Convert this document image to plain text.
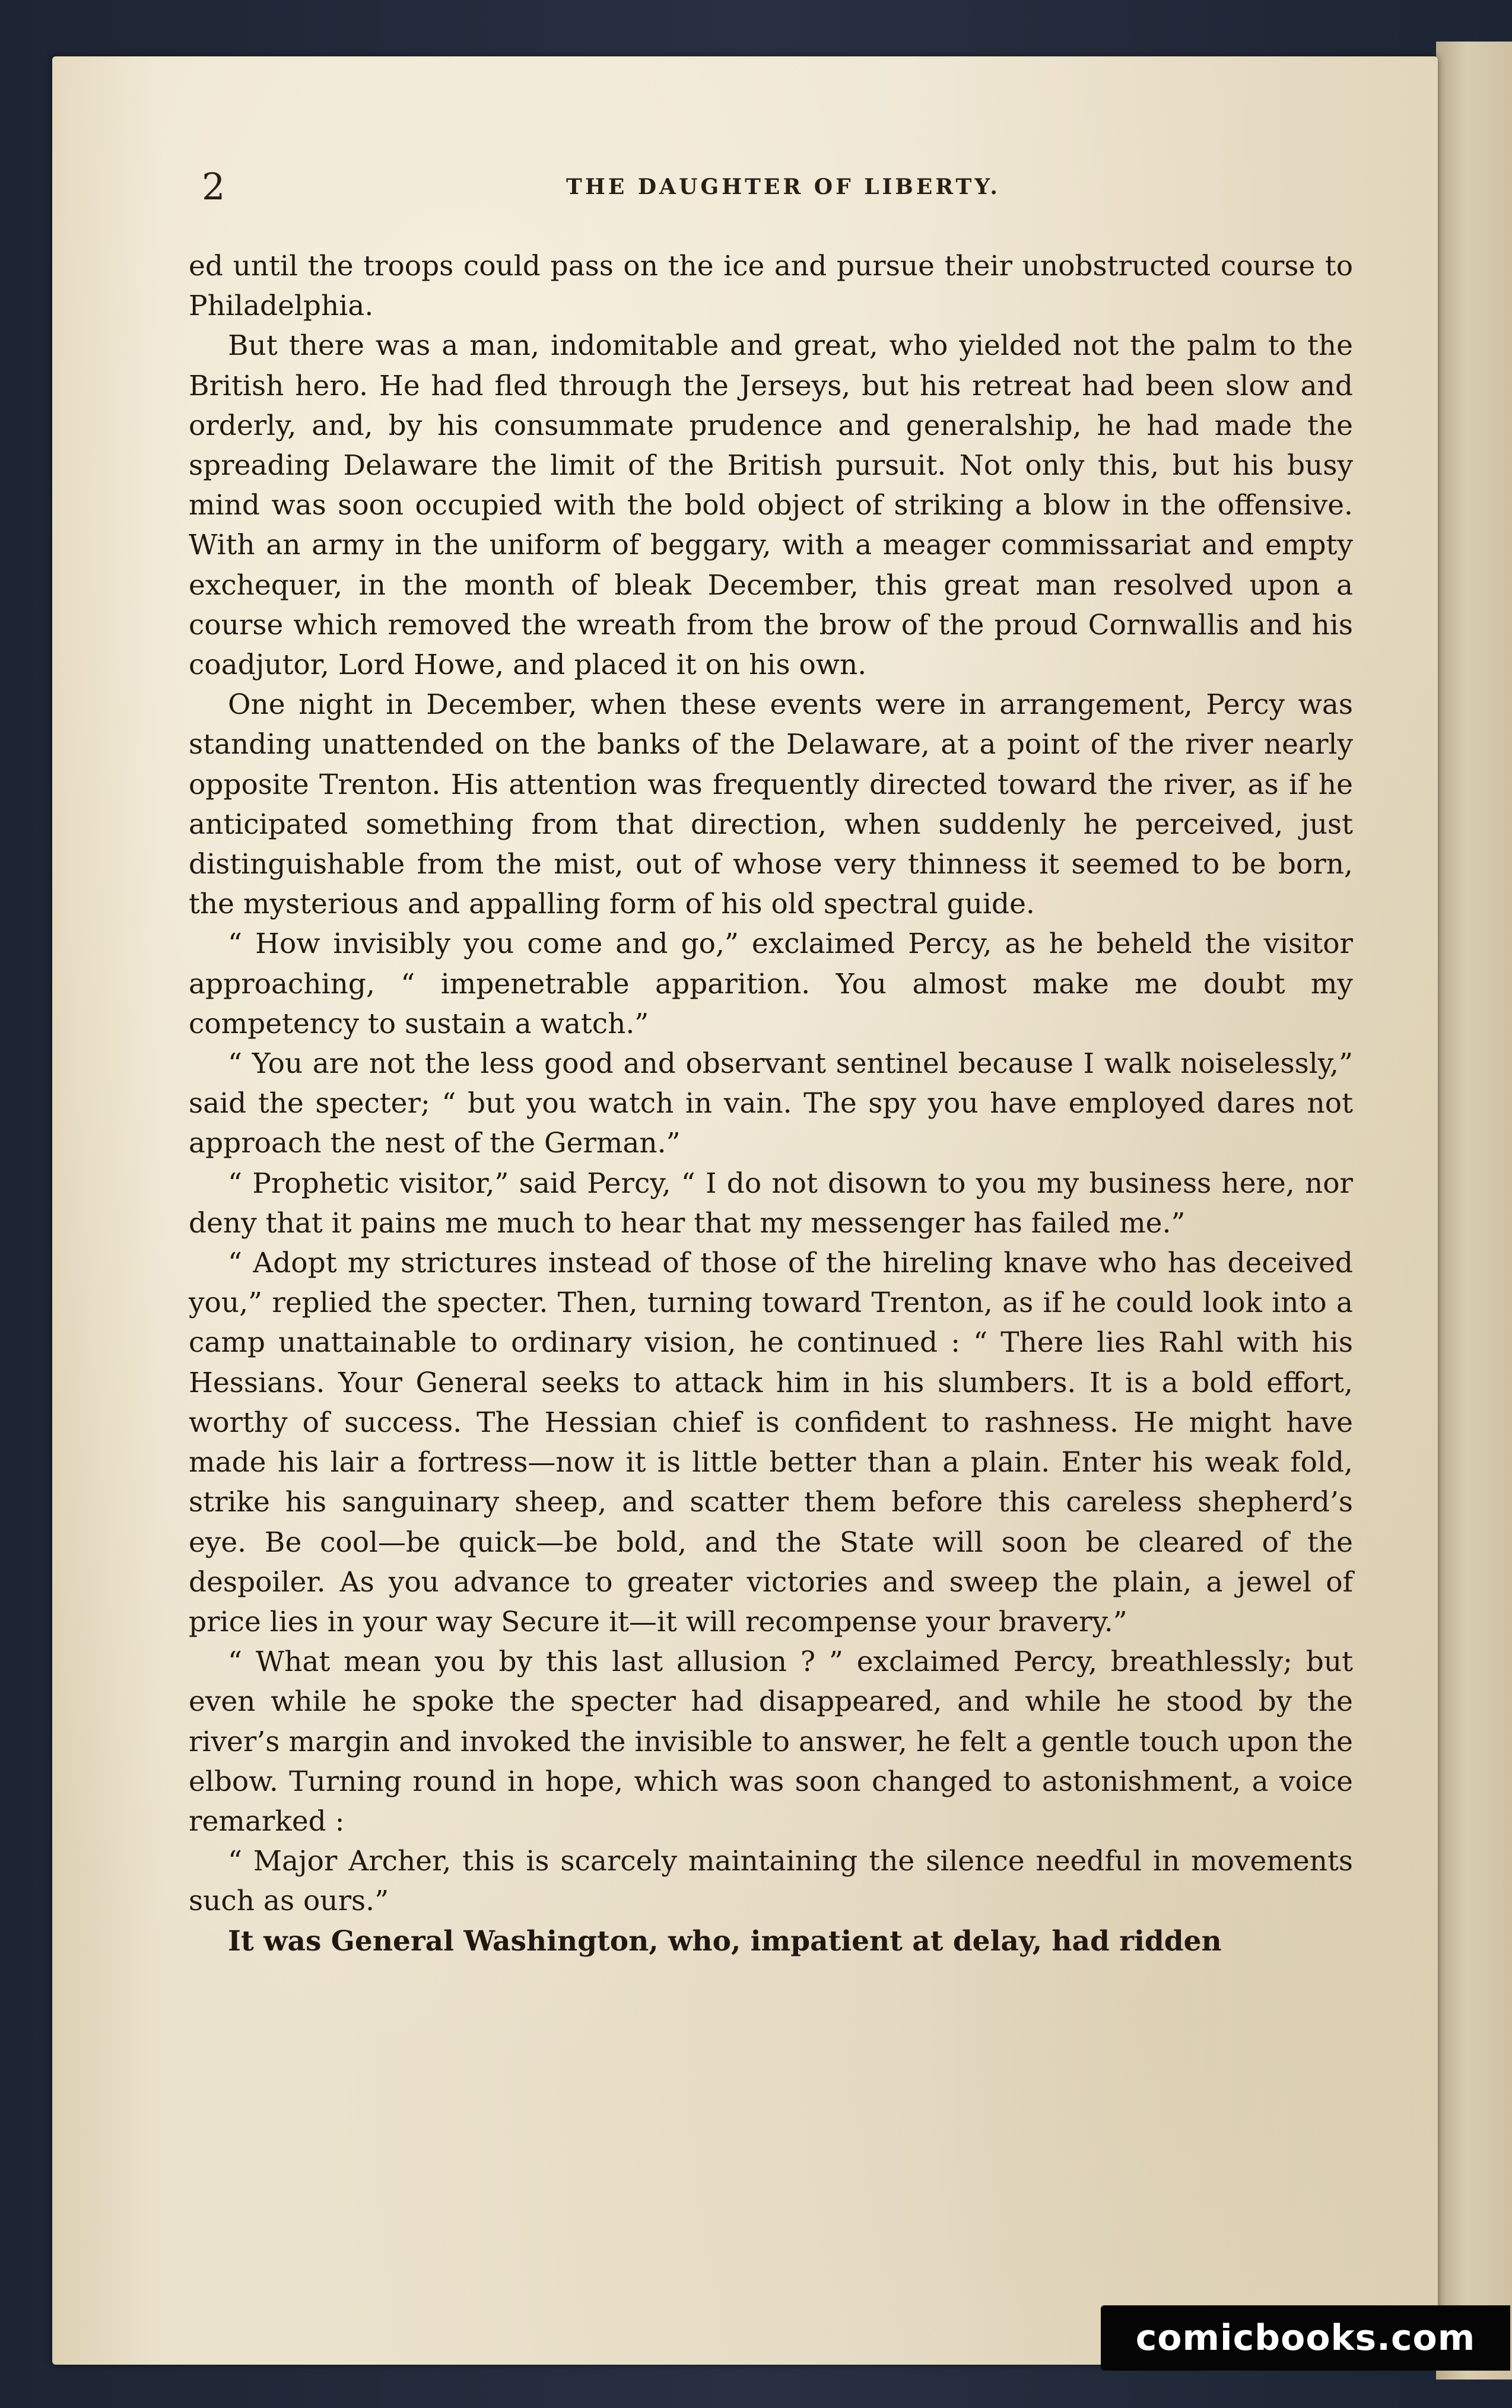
2	THE DAUGHTER OF LIBERTY.

ed until the troops could pass on the ice and pursue their unobstructed course to Philadelphia.

But there was a man, indomitable and great, who yielded not the palm to the British hero. He had fled through the Jerseys, but his retreat had been slow and orderly, and, by his consummate prudence and generalship, he had made the spreading Delaware the limit of the British pursuit. Not only this, but his busy mind was soon occupied with the bold object of striking a blow in the offensive. With an army in the uniform of beggary, with a meager commissariat and empty exchequer, in the month of bleak December, this great man resolved upon a course which removed the wreath from the brow of the proud Cornwallis and his coadjutor, Lord Howe, and placed it on his own.

One night in December, when these events were in arrangement, Percy was standing unattended on the banks of the Delaware, at a point of the river nearly opposite Trenton. His attention was frequently directed toward the river, as if he anticipated something from that direction, when suddenly he perceived, just distinguishable from the mist, out of whose very thinness it seemed to be born, the mysterious and appalling form of his old spectral guide.

“ How invisibly you come and go,” exclaimed Percy, as he beheld the visitor approaching, “ impenetrable apparition. You almost make me doubt my competency to sustain a watch.”

“ You are not the less good and observant sentinel because I walk noiselessly,” said the specter; “ but you watch in vain. The spy you have employed dares not approach the nest of the German.”

“ Prophetic visitor,” said Percy, “ I do not disown to you my business here, nor deny that it pains me much to hear that my messenger has failed me.”

“ Adopt my strictures instead of those of the hireling knave who has deceived you,” replied the specter. Then, turning toward Trenton, as if he could look into a camp unattainable to ordinary vision, he continued : “ There lies Rahl with his Hessians. Your General seeks to attack him in his slumbers. It is a bold effort, worthy of success. The Hessian chief is confident to rashness. He might have made his lair a fortress—now it is little better than a plain. Enter his weak fold, strike his sanguinary sheep, and scatter them before this careless shepherd’s eye. Be cool—be quick—be bold, and the State will soon be cleared of the despoiler. As you advance to greater victories and sweep the plain, a jewel of price lies in your way Secure it—it will recompense your bravery.”

“ What mean you by this last allusion ? ” exclaimed Percy, breathlessly; but even while he spoke the specter had disappeared, and while he stood by the river’s margin and invoked the invisible to answer, he felt a gentle touch upon the elbow. Turning round in hope, which was soon changed to astonishment, a voice remarked :

“ Major Archer, this is scarcely maintaining the silence needful in movements such as ours.”

It was General Washington, who, impatient at delay, had ridden

comicbooks.com
